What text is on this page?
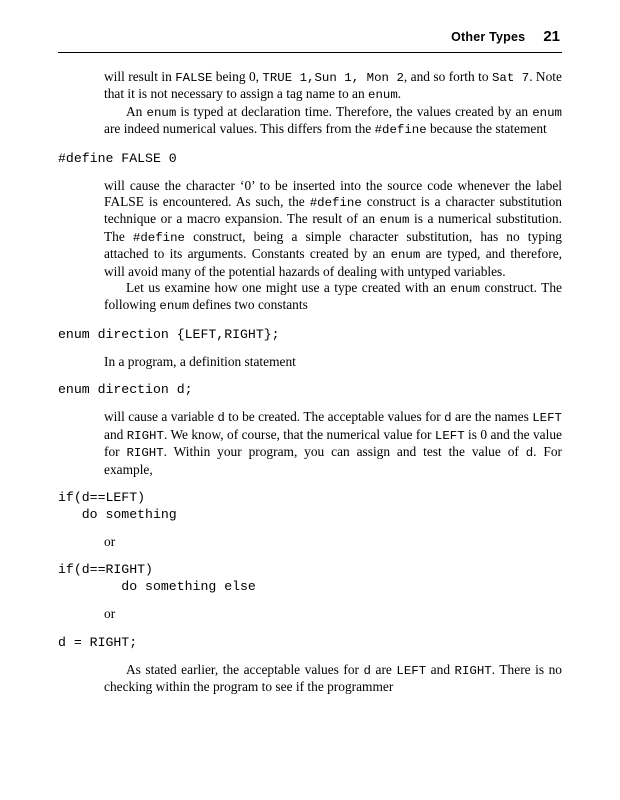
Other Types 21

will result in FALSE being 0, TRUE 1,Sun 1, Mon 2, and so forth to Sat 7. Note that it is not necessary to assign a tag name to an enum.

An enum is typed at declaration time. Therefore, the values created by an enum are indeed numerical values. This differs from the #define because the statement

#define FALSE 0

will cause the character ‘0’ to be inserted into the source code whenever the label FALSE is encountered. As such, the #define construct is a character substitution technique or a macro expansion. The result of an enum is a numerical substitution. The #define construct, being a simple character substitution, has no typing attached to its arguments. Constants created by an enum are typed, and therefore, will avoid many of the potential hazards of dealing with untyped variables.

Let us examine how one might use a type created with an enum construct. The following enum defines two constants

enum direction {LEFT,RIGHT};

In a program, a definition statement

enum direction d;

will cause a variable d to be created. The acceptable values for d are the names LEFT and RIGHT. We know, of course, that the numerical value for LEFT is 0 and the value for RIGHT. Within your program, you can assign and test the value of d. For example,

if(d==LEFT)
do something
or
if(d==RIGHT)
do something else
or
d = RIGHT;

As stated earlier, the acceptable values for d are LEFT and RIGHT. There is no checking within the program to see if the programmer
